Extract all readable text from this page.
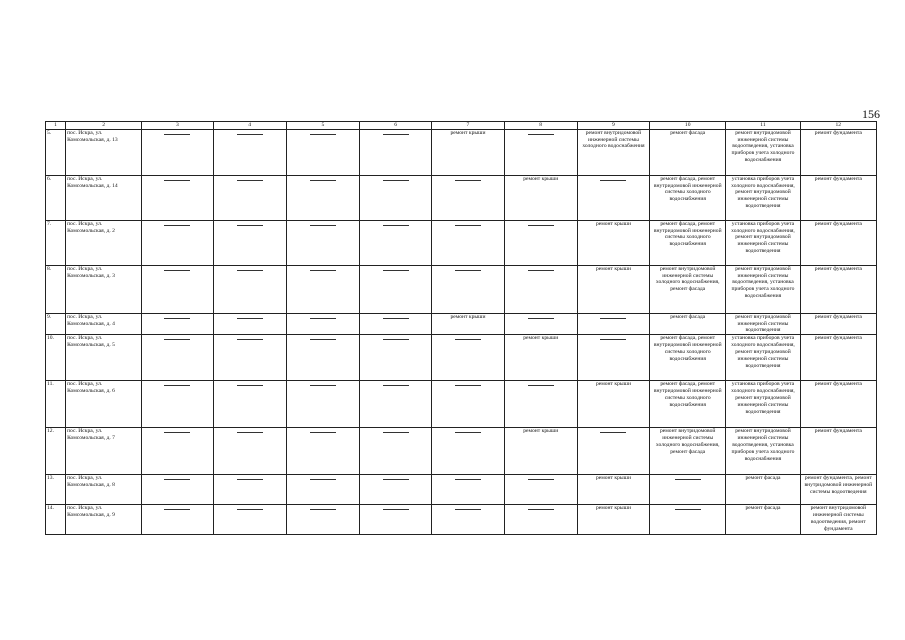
156
1	2	3	4	5	6	7	8	9	10	11	12
5.	пос. Искра, ул. Комсомольская, д. 13					ремонт крыши		ремонт внутридомовой инженерной системы холодного водоснабжения	ремонт фасада	ремонт внутридомовой инженерной системы водоотведения, установка приборов учета холодного водоснабжения	ремонт фундамента
6.	пос. Искра, ул. Комсомольская, д. 14						ремонт крыши		ремонт фасада, ремонт внутридомовой инженерной системы холодного водоснабжения	установка приборов учета холодного водоснабжения, ремонт внутридомовой инженерной системы водоотведения	ремонт фундамента
7.	пос. Искра, ул. Комсомольская, д. 2							ремонт крыши	ремонт фасада, ремонт внутридомовой инженерной системы холодного водоснабжения	установка приборов учета холодного водоснабжения, ремонт внутридомовой инженерной системы водоотведения	ремонт фундамента
8.	пос. Искра, ул. Комсомольская, д. 3							ремонт крыши	ремонт внутридомовой инженерной системы холодного водоснабжения, ремонт фасада	ремонт внутридомовой инженерной системы водоотведения, установка приборов учета холодного водоснабжения	ремонт фундамента
9.	пос. Искра, ул. Комсомольская, д. 4					ремонт крыши			ремонт фасада	ремонт внутридомовой инженерной системы водоотведения	ремонт фундамента
10.	пос. Искра, ул. Комсомольская, д. 5						ремонт крыши		ремонт фасада, ремонт внутридомовой инженерной системы холодного водоснабжения	установка приборов учета холодного водоснабжения, ремонт внутридомовой инженерной системы водоотведения	ремонт фундамента
11.	пос. Искра, ул. Комсомольская, д. 6							ремонт крыши	ремонт фасада, ремонт внутридомовой инженерной системы холодного водоснабжения	установка приборов учета холодного водоснабжения, ремонт внутридомовой инженерной системы водоотведения	ремонт фундамента
12.	пос. Искра, ул. Комсомольская, д. 7						ремонт крыши		ремонт внутридомовой инженерной системы холодного водоснабжения, ремонт фасада	ремонт внутридомовой инженерной системы водоотведения, установка приборов учета холодного водоснабжения	ремонт фундамента
13.	пос. Искра, ул. Комсомольская, д. 8							ремонт крыши		ремонт фасада	ремонт фундамента, ремонт внутридомовой инженерной системы водоотведения
14.	пос. Искра, ул. Комсомольская, д. 9							ремонт крыши		ремонт фасада	ремонт внутридомовой инженерной системы водоотведения, ремонт фундамента
